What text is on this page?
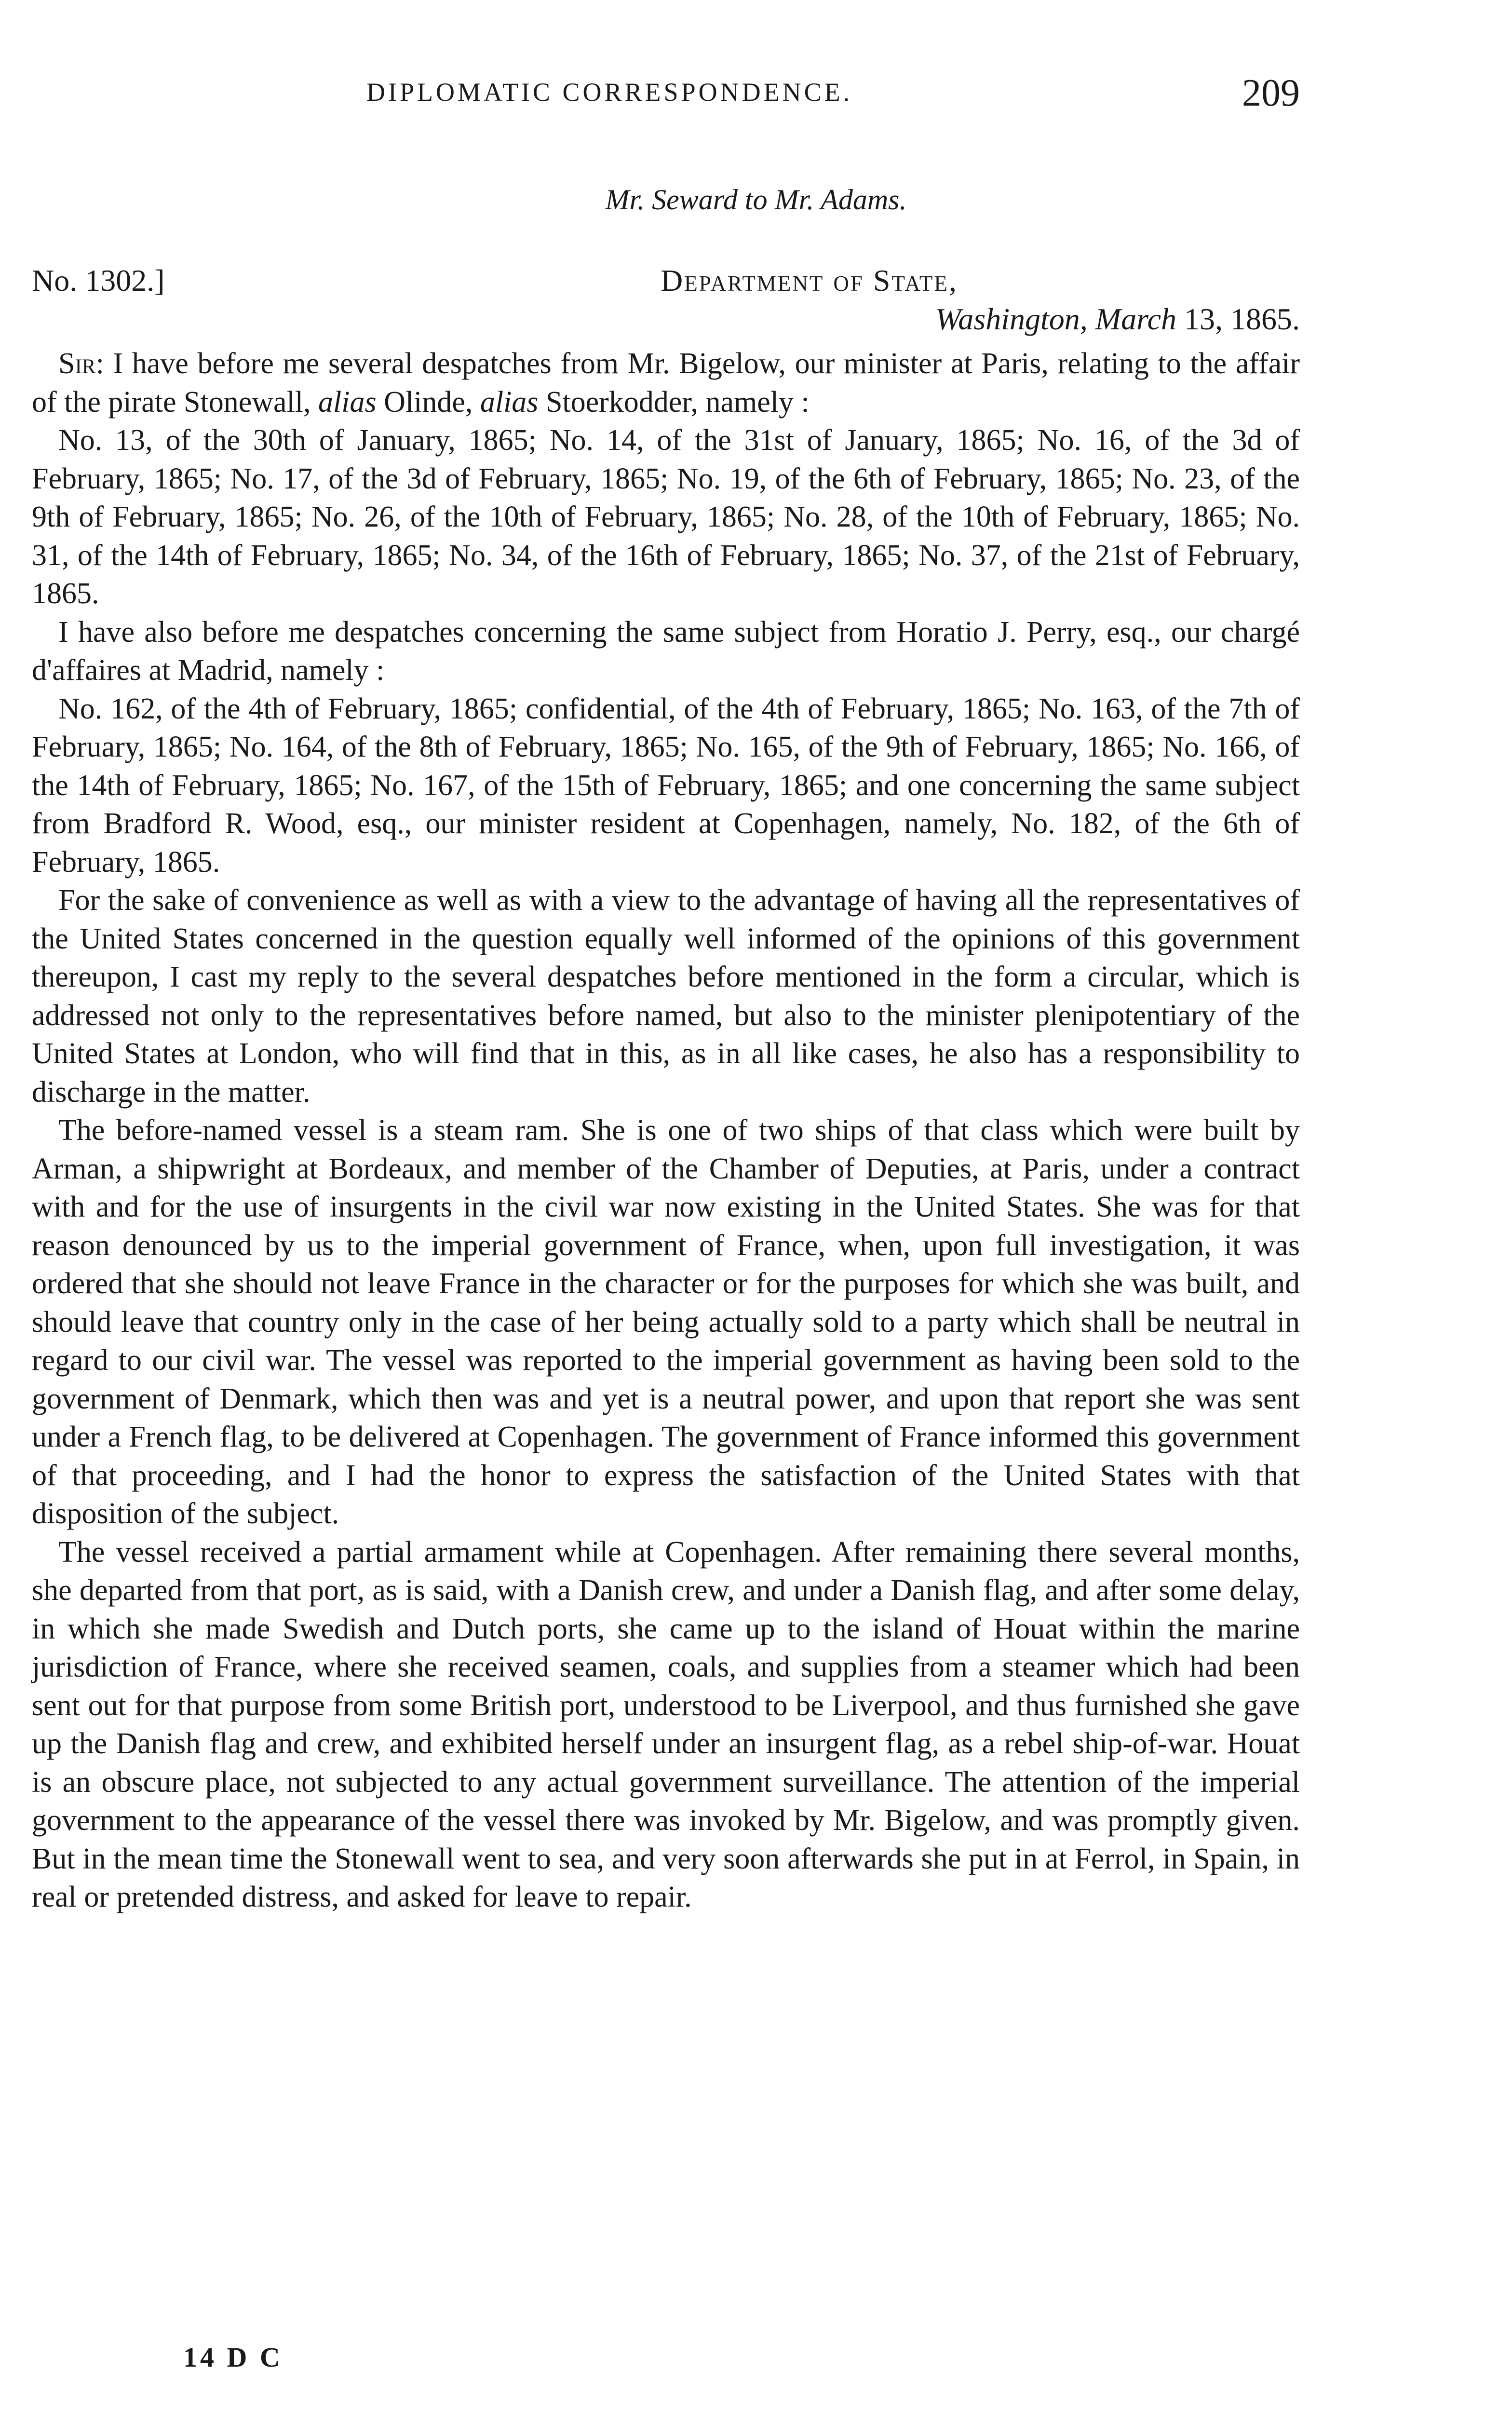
DIPLOMATIC CORRESPONDENCE.	209
Mr. Seward to Mr. Adams.
No. 1302.]	Department of State,
Washington, March 13, 1865.

Sir: I have before me several despatches from Mr. Bigelow, our minister at Paris, relating to the affair of the pirate Stonewall, alias Olinde, alias Stoerkodder, namely :

No. 13, of the 30th of January, 1865; No. 14, of the 31st of January, 1865; No. 16, of the 3d of February, 1865; No. 17, of the 3d of February, 1865; No. 19, of the 6th of February, 1865; No. 23, of the 9th of February, 1865; No. 26, of the 10th of February, 1865; No. 28, of the 10th of February, 1865; No. 31, of the 14th of February, 1865; No. 34, of the 16th of February, 1865; No. 37, of the 21st of February, 1865.

I have also before me despatches concerning the same subject from Horatio J. Perry, esq., our chargé d'affaires at Madrid, namely :

No. 162, of the 4th of February, 1865; confidential, of the 4th of February, 1865; No. 163, of the 7th of February, 1865; No. 164, of the 8th of February, 1865; No. 165, of the 9th of February, 1865; No. 166, of the 14th of February, 1865; No. 167, of the 15th of February, 1865; and one concerning the same subject from Bradford R. Wood, esq., our minister resident at Copenhagen, namely, No. 182, of the 6th of February, 1865.

For the sake of convenience as well as with a view to the advantage of having all the representatives of the United States concerned in the question equally well informed of the opinions of this government thereupon, I cast my reply to the several despatches before mentioned in the form a circular, which is addressed not only to the representatives before named, but also to the minister plenipotentiary of the United States at London, who will find that in this, as in all like cases, he also has a responsibility to discharge in the matter.

The before-named vessel is a steam ram. She is one of two ships of that class which were built by Arman, a shipwright at Bordeaux, and member of the Chamber of Deputies, at Paris, under a contract with and for the use of insurgents in the civil war now existing in the United States. She was for that reason denounced by us to the imperial government of France, when, upon full investigation, it was ordered that she should not leave France in the character or for the purposes for which she was built, and should leave that country only in the case of her being actually sold to a party which shall be neutral in regard to our civil war. The vessel was reported to the imperial government as having been sold to the government of Denmark, which then was and yet is a neutral power, and upon that report she was sent under a French flag, to be delivered at Copenhagen. The government of France informed this government of that proceeding, and I had the honor to express the satisfaction of the United States with that disposition of the subject.

The vessel received a partial armament while at Copenhagen. After remaining there several months, she departed from that port, as is said, with a Danish crew, and under a Danish flag, and after some delay, in which she made Swedish and Dutch ports, she came up to the island of Houat within the marine jurisdiction of France, where she received seamen, coals, and supplies from a steamer which had been sent out for that purpose from some British port, understood to be Liverpool, and thus furnished she gave up the Danish flag and crew, and exhibited herself under an insurgent flag, as a rebel ship-of-war. Houat is an obscure place, not subjected to any actual government surveillance. The attention of the imperial government to the appearance of the vessel there was invoked by Mr. Bigelow, and was promptly given. But in the mean time the Stonewall went to sea, and very soon afterwards she put in at Ferrol, in Spain, in real or pretended distress, and asked for leave to repair.

14 D C
